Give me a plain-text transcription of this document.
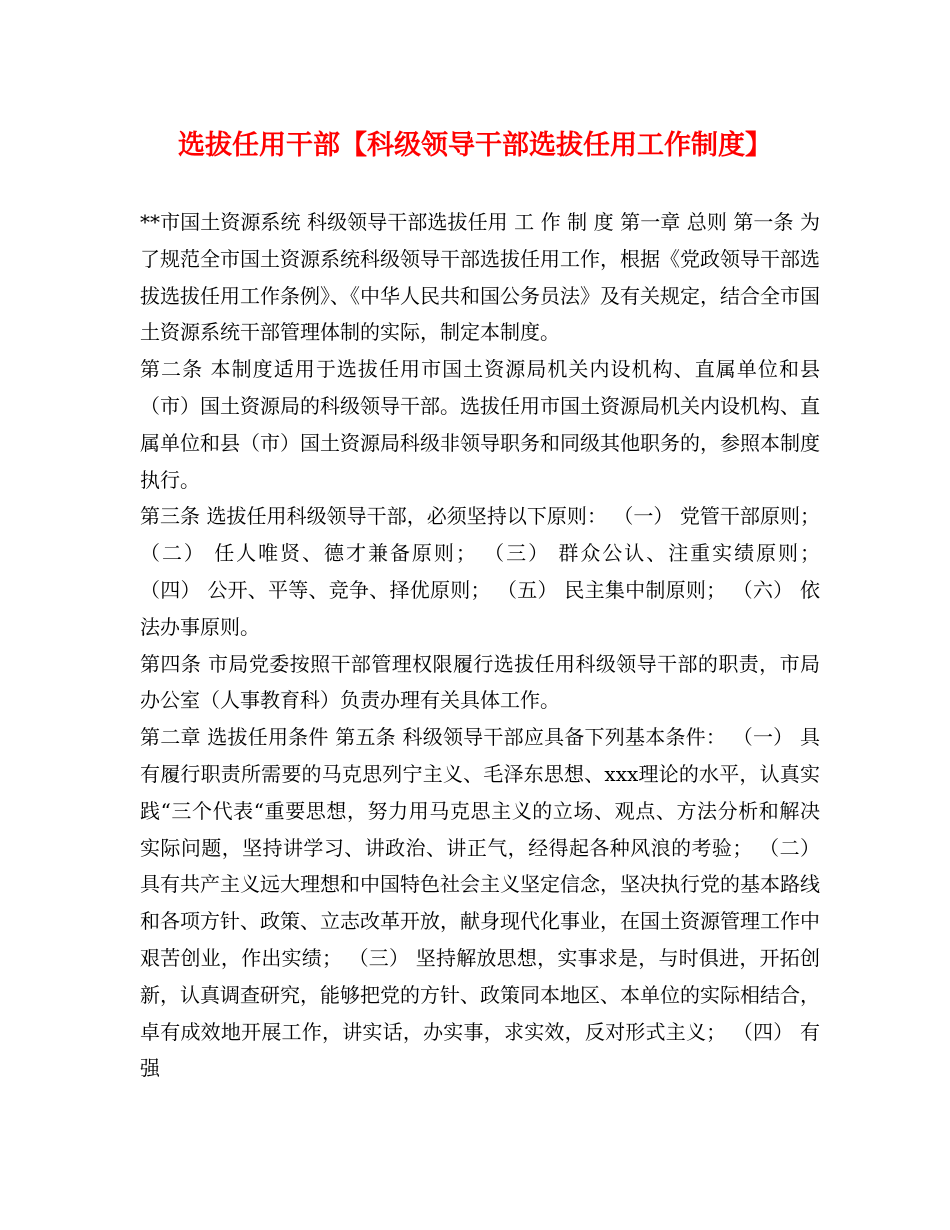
选拔任用干部【科级领导干部选拔任用工作制度】

**市国土资源系统 科级领导干部选拔任用 工 作 制 度 第一章 总则 第一条 为了规范全市国土资源系统科级领导干部选拔任用工作，根据《党政领导干部选拔选拔任用工作条例》、《中华人民共和国公务员法》及有关规定，结合全市国土资源系统干部管理体制的实际，制定本制度。

第二条 本制度适用于选拔任用市国土资源局机关内设机构、直属单位和县（市）国土资源局的科级领导干部。选拔任用市国土资源局机关内设机构、直属单位和县（市）国土资源局科级非领导职务和同级其他职务的，参照本制度执行。

第三条 选拔任用科级领导干部，必须坚持以下原则： （一） 党管干部原则； （二） 任人唯贤、德才兼备原则； （三） 群众公认、注重实绩原则； （四） 公开、平等、竞争、择优原则； （五） 民主集中制原则； （六） 依法办事原则。

第四条 市局党委按照干部管理权限履行选拔任用科级领导干部的职责，市局办公室（人事教育科）负责办理有关具体工作。

第二章 选拔任用条件 第五条 科级领导干部应具备下列基本条件： （一） 具有履行职责所需要的马克思列宁主义、毛泽东思想、xxx理论的水平，认真实践“三个代表“重要思想，努力用马克思主义的立场、观点、方法分析和解决实际问题，坚持讲学习、讲政治、讲正气，经得起各种风浪的考验； （二） 具有共产主义远大理想和中国特色社会主义坚定信念，坚决执行党的基本路线和各项方针、政策、立志改革开放，献身现代化事业，在国土资源管理工作中艰苦创业，作出实绩； （三） 坚持解放思想，实事求是，与时俱进，开拓创新，认真调查研究，能够把党的方针、政策同本地区、本单位的实际相结合，卓有成效地开展工作，讲实话，办实事，求实效，反对形式主义； （四） 有强
